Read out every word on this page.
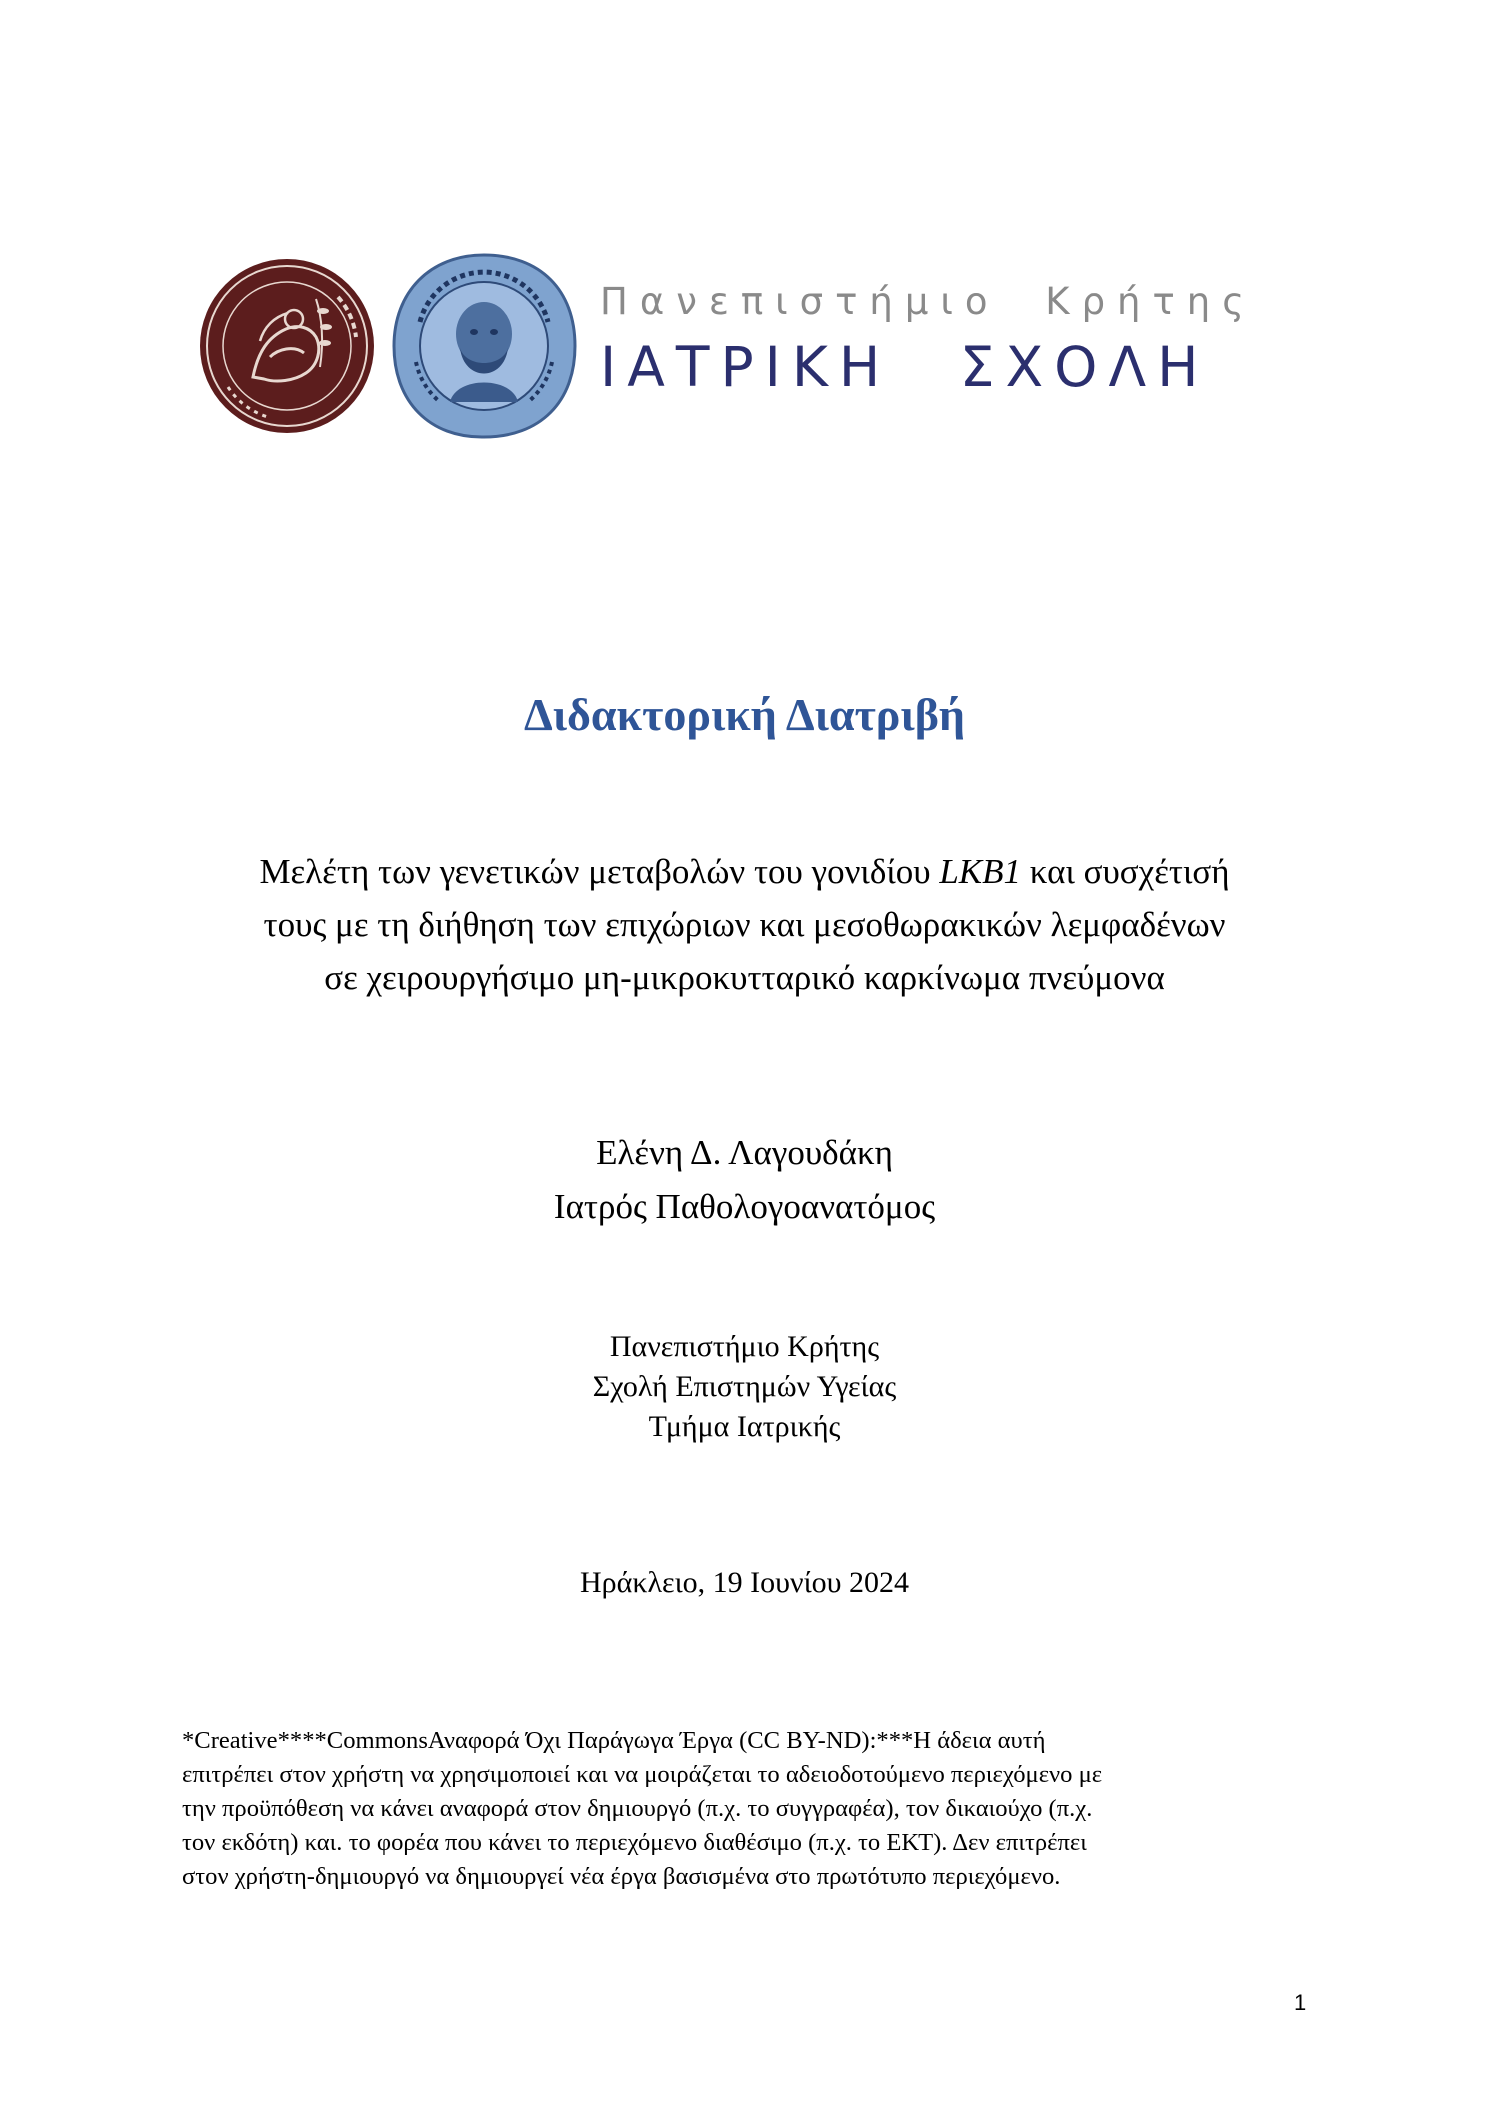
Πανεπιστήμιο Κρήτης
ΙΑΤΡΙΚΗ ΣΧΟΛΗ
Διδακτορική Διατριβή
Μελέτη των γενετικών μεταβολών του γονιδίου LKB1 και συσχέτισή
τους με τη διήθηση των επιχώριων και μεσοθωρακικών λεμφαδένων
σε χειρουργήσιμο μη-μικροκυτταρικό καρκίνωμα πνεύμονα
Ελένη Δ. Λαγουδάκη
Ιατρός Παθολογοανατόμος
Πανεπιστήμιο Κρήτης
Σχολή Επιστημών Υγείας
Τμήμα Ιατρικής
Ηράκλειο, 19 Ιουνίου 2024
*Creative****CommonsΑναφορά Όχι Παράγωγα Έργα (CC BY-ND):***Η άδεια αυτή
επιτρέπει στον χρήστη να χρησιμοποιεί και να μοιράζεται το αδειοδοτούμενο περιεχόμενο με
την προϋπόθεση να κάνει αναφορά στον δημιουργό (π.χ. το συγγραφέα), τον δικαιούχο (π.χ.
τον εκδότη) και. το φορέα που κάνει το περιεχόμενο διαθέσιμο (π.χ. το ΕΚΤ). Δεν επιτρέπει
στον χρήστη-δημιουργό να δημιουργεί νέα έργα βασισμένα στο πρωτότυπο περιεχόμενο.
1
